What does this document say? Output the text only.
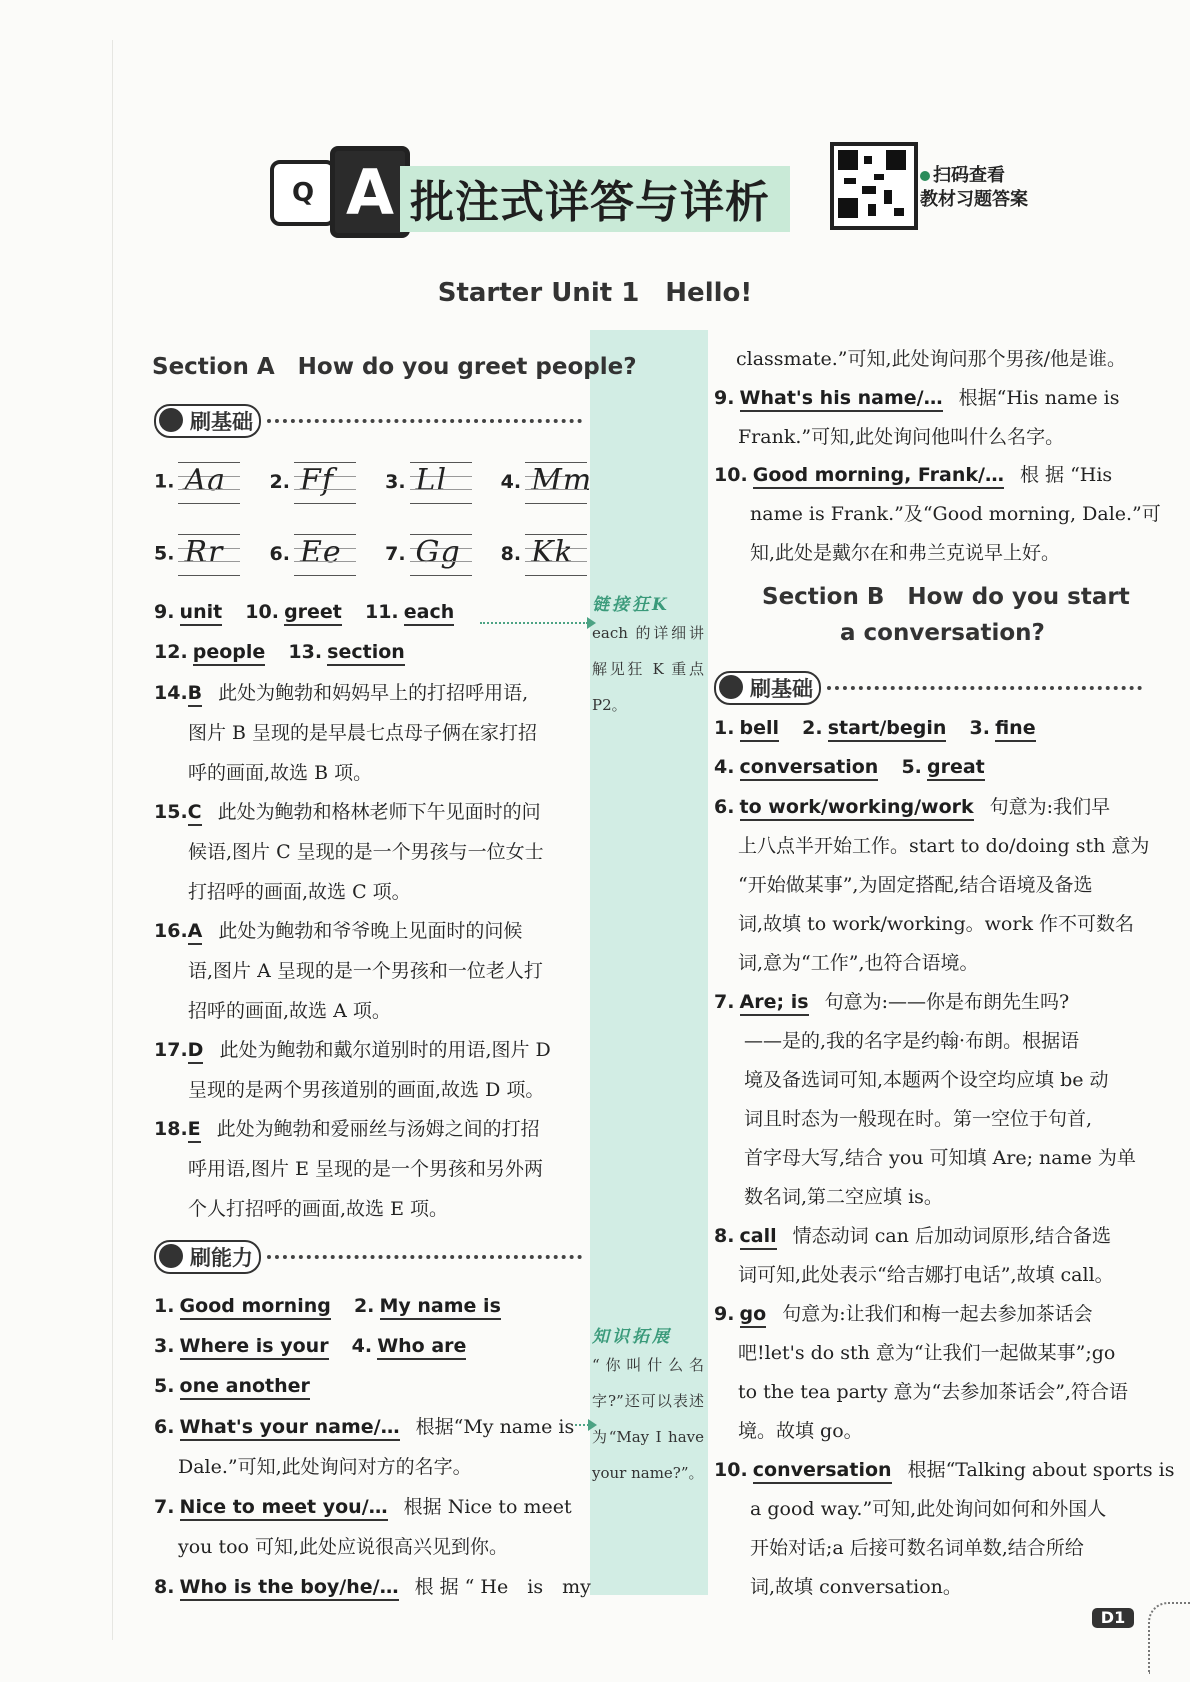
Q A 批注式详答与详析
扫码查看
教材习题答案
Starter Unit 1　Hello!
链接狂K
each 的详细讲解见狂 K 重点 P2。
知识拓展
“你叫什么名字?”还可以表述为“May I have your name?”。
Section A　How do you greet people?
刷基础
1. Aa 2. Ff	3. Ll	4. Mm
5. Rr 6. Ee 7. Gg 8. Kk
9. unit 10. greet 11. each
12. people 13. section
14.B　 此处为鲍勃和妈妈早上的打招呼用语,
图片 B 呈现的是早晨七点母子俩在家打招
呼的画面,故选 B 项。
15.C　 此处为鲍勃和格林老师下午见面时的问
候语,图片 C 呈现的是一个男孩与一位女士
打招呼的画面,故选 C 项。
16.A　 此处为鲍勃和爷爷晚上见面时的问候
语,图片 A 呈现的是一个男孩和一位老人打
招呼的画面,故选 A 项。
17.D　 此处为鲍勃和戴尔道别时的用语,图片 D
呈现的是两个男孩道别的画面,故选 D 项。
18.E　 此处为鲍勃和爱丽丝与汤姆之间的打招
呼用语,图片 E 呈现的是一个男孩和另外两
个人打招呼的画面,故选 E 项。
刷能力
1. Good morning 2. My name is
3. Where is your 4. Who are
5. one another
6. What's your name/…　 根据“My name is
Dale.”可知,此处询问对方的名字。
7. Nice to meet you/…　 根据 Nice to meet
you too 可知,此处应说很高兴见到你。
8. Who is the boy/he/…　 根 据 “ He　is　my
classmate.”可知,此处询问那个男孩/他是谁。
9. What's his name/…　 根据“His name is
Frank.”可知,此处询问他叫什么名字。
10. Good morning, Frank/…　 根 据 “His
name is Frank.”及“Good morning, Dale.”可
知,此处是戴尔在和弗兰克说早上好。
Section B　How do you start
a conversation?
刷基础
1. bell 2. start/begin 3. fine
4. conversation 5. great
6. to work/working/work　 句意为:我们早
上八点半开始工作。start to do/doing sth 意为
“开始做某事”,为固定搭配,结合语境及备选
词,故填 to work/working。work 作不可数名
词,意为“工作”,也符合语境。
7. Are; is　 句意为:——你是布朗先生吗?
——是的,我的名字是约翰·布朗。根据语
境及备选词可知,本题两个设空均应填 be 动
词且时态为一般现在时。第一空位于句首,
首字母大写,结合 you 可知填 Are; name 为单
数名词,第二空应填 is。
8. call　 情态动词 can 后加动词原形,结合备选
词可知,此处表示“给吉娜打电话”,故填 call。
9. go　 句意为:让我们和梅一起去参加茶话会
吧!let's do sth 意为“让我们一起做某事”;go
to the tea party 意为“去参加茶话会”,符合语
境。故填 go。
10. conversation　 根据“Talking about sports is
a good way.”可知,此处询问如何和外国人
开始对话;a 后接可数名词单数,结合所给
词,故填 conversation。
D1
